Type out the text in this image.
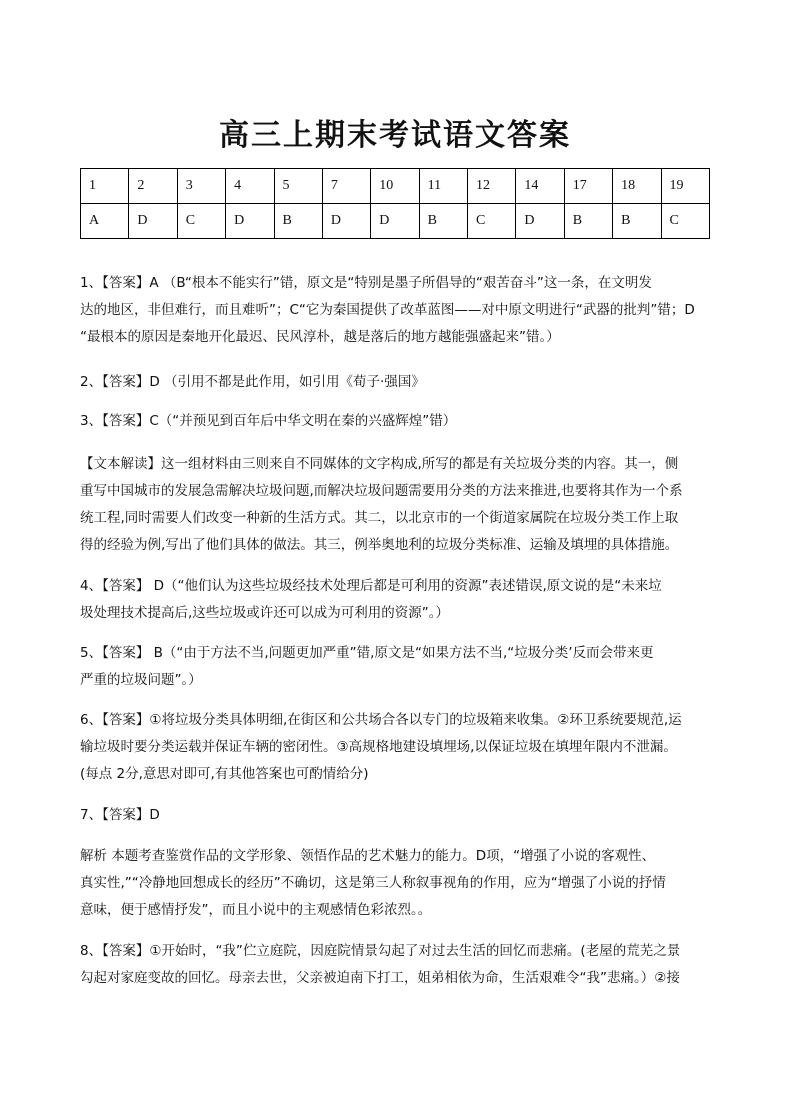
高三上期末考试语文答案
1	2	3	4	5	7	10	11	12	14	17	18	19
A	D	C	D	B	D	D	B	C	D	B	B	C
1、【答案】A （B“根本不能实行”错，原文是“特别是墨子所倡导的“艰苦奋斗”这一条，在文明发
达的地区，非但难行，而且难听”；C“它为秦国提供了改革蓝图——对中原文明进行“武器的批判”错；D
“最根本的原因是秦地开化最迟、民风淳朴，越是落后的地方越能强盛起来”错。）
2、【答案】D （引用不都是此作用，如引用《荀子·强国》
3、【答案】C（“并预见到百年后中华文明在秦的兴盛辉煌”错）
【文本解读】这一组材料由三则来自不同媒体的文字构成,所写的都是有关垃圾分类的内容。其一，侧
重写中国城市的发展急需解决垃圾问题,而解决垃圾问题需要用分类的方法来推进,也要将其作为一个系
统工程,同时需要人们改变一种新的生活方式。其二，以北京市的一个街道家属院在垃圾分类工作上取
得的经验为例,写出了他们具体的做法。其三，例举奥地利的垃圾分类标准、运输及填埋的具体措施。
4、【答案】 D（“他们认为这些垃圾经技术处理后都是可利用的资源”表述错误,原文说的是“未来垃
圾处理技术提高后,这些垃圾或许还可以成为可利用的资源”。）
5、【答案】 B（“由于方法不当,问题更加严重”错,原文是“如果方法不当,“垃圾分类’反而会带来更
严重的垃圾问题”。）
6、【答案】①将垃圾分类具体明细,在街区和公共场合各以专门的垃圾箱来收集。②环卫系统要规范,运
输垃圾时要分类运载并保证车辆的密闭性。③高规格地建设填埋场,以保证垃圾在填埋年限内不泄漏。
(每点 2分,意思对即可,有其他答案也可酌情给分)
7、【答案】D
解析 本题考查鉴赏作品的文学形象、领悟作品的艺术魅力的能力。D项，“增强了小说的客观性、
真实性,”“冷静地回想成长的经历”不确切，这是第三人称叙事视角的作用，应为“增强了小说的抒情
意味，便于感情抒发”，而且小说中的主观感情色彩浓烈。。
8、【答案】①开始时，“我”伫立庭院，因庭院情景勾起了对过去生活的回忆而悲痛。(老屋的荒芜之景
勾起对家庭变故的回忆。母亲去世，父亲被迫南下打工，姐弟相依为命，生活艰难令“我”悲痛。）②接
